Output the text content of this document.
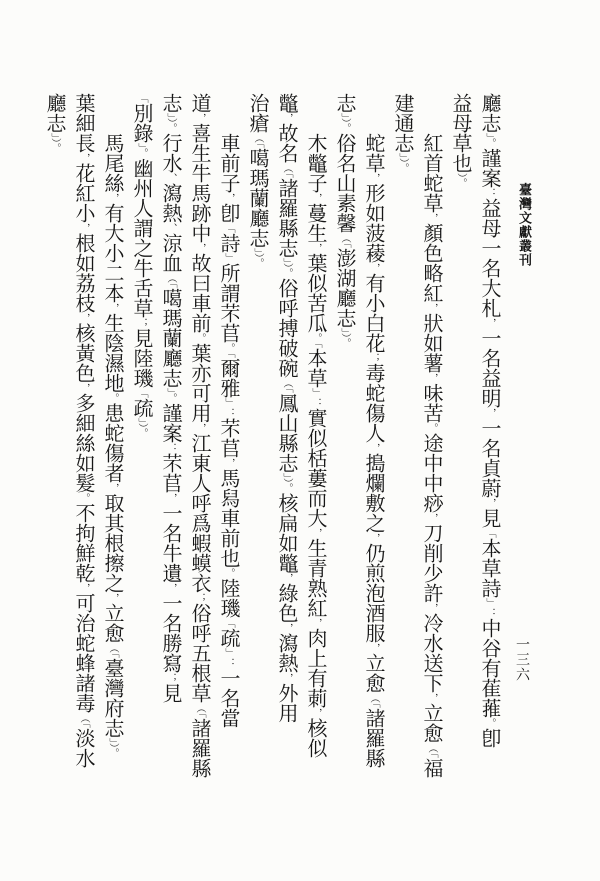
臺灣文獻叢刊
一三六
廳志」。謹案：益母一名大札，一名益明，一名貞蔚，見「本草詩」：中谷有萑蓷。卽
益母草也）。
紅首蛇草，顏色略紅，狀如薯，味苦。途中中痧，刀削少許，冷水送下，立愈（「福
建通志」）。
蛇草，形如菠薐，有小白花；毒蛇傷人，搗爛敷之，仍煎泡酒服，立愈（「諸羅縣
志」）。俗名山素馨（「澎湖廳志」）。
木鼈子，蔓生，葉似苦瓜。「本草」：實似栝蔞而大，生青熟紅，肉上有莿，核似
鼈，故名（「諸羅縣志」）。俗呼搏破碗（「鳳山縣志」）。核扁如鼈，綠色，瀉熱，外用
治瘡（「噶瑪蘭廳志」）。
車前子，卽「詩」所謂芣苢。「爾雅」：芣苢，馬舄車前也。陸璣「疏」：一名當
道，喜生牛馬跡中，故曰車前。葉亦可用，江東人呼爲蝦蟆衣；俗呼五根草（「諸羅縣
志」）。行水、瀉熱、涼血（「噶瑪蘭廳志」。謹案：芣苢，一名牛遺，一名勝寫；見
「別錄」。幽州人謂之牛舌草；見陸璣「疏」）。
馬尾絲，有大小二本，生陰濕地。患蛇傷者，取其根擦之，立愈（「臺灣府志」）。
葉細長，花紅小，根如荔枝，核黃色，多細絲如髮。不拘鮮乾，可治蛇蜂諸毒（「淡水
廳志」）。
